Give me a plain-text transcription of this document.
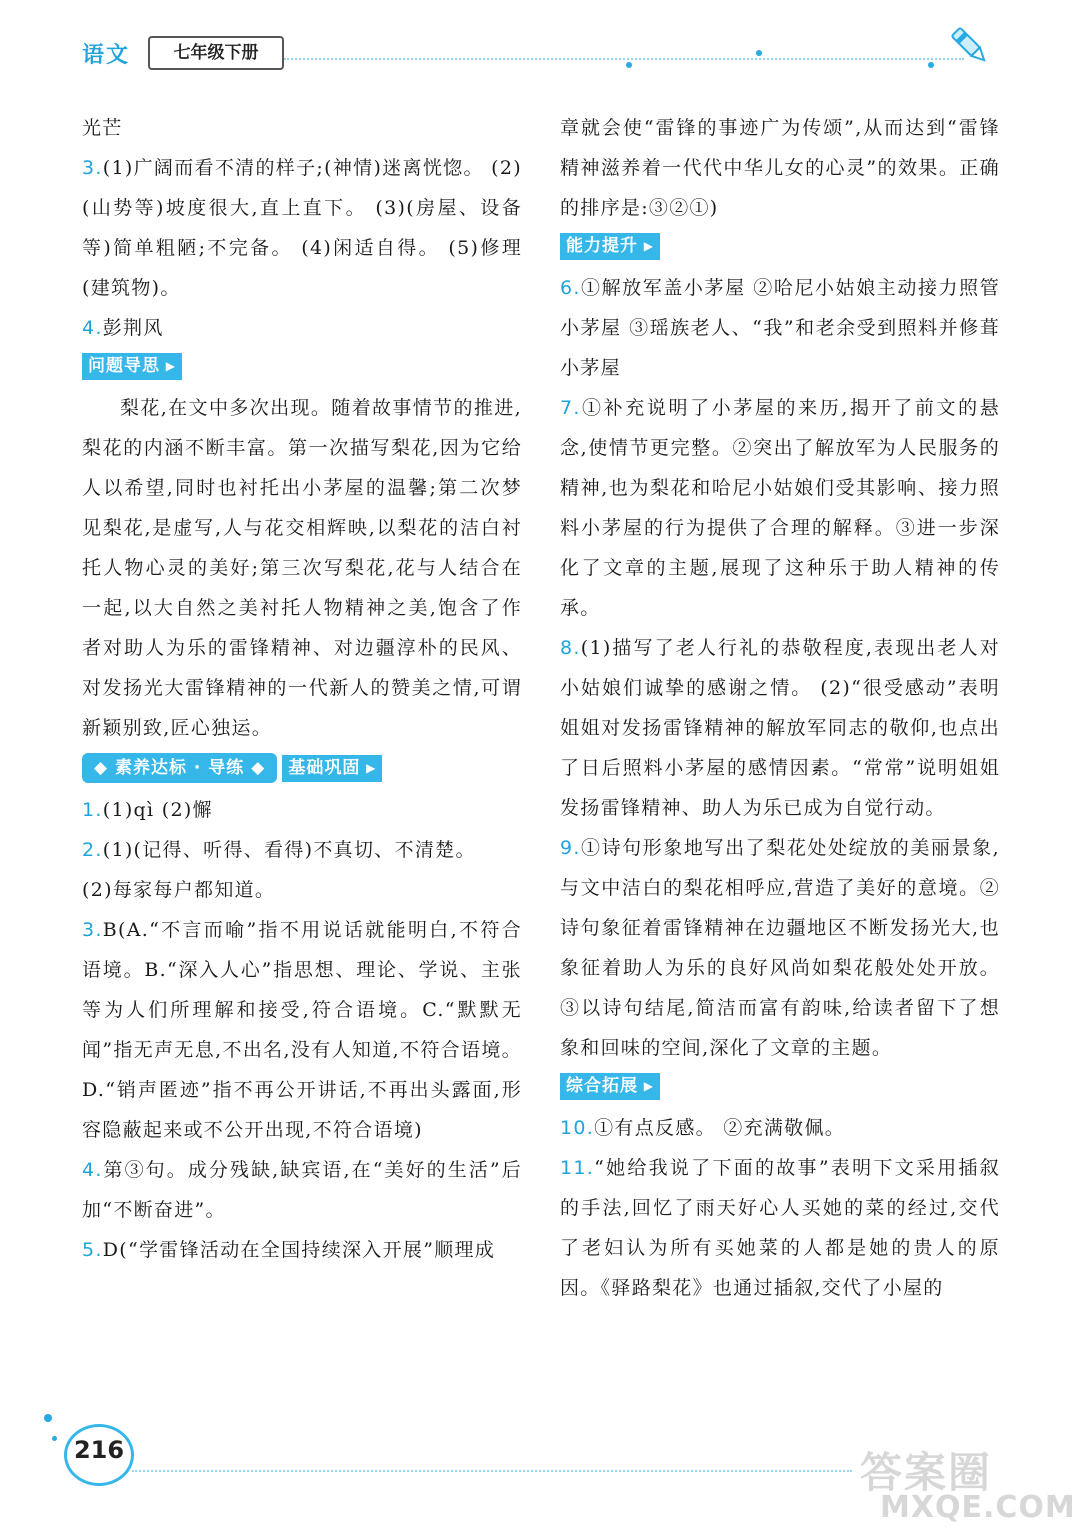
语文	七年级下册

光芒

3.(1)广阔而看不清的样子;(神情)迷离恍惚。 (2)(山势等)坡度很大,直上直下。 (3)(房屋、设备等)简单粗陋;不完备。 (4)闲适自得。 (5)修理(建筑物)。

4.彭荆风

问题导思 ▶

梨花,在文中多次出现。随着故事情节的推进,梨花的内涵不断丰富。第一次描写梨花,因为它给人以希望,同时也衬托出小茅屋的温馨;第二次梦见梨花,是虚写,人与花交相辉映,以梨花的洁白衬托人物心灵的美好;第三次写梨花,花与人结合在一起,以大自然之美衬托人物精神之美,饱含了作者对助人为乐的雷锋精神、对边疆淳朴的民风、对发扬光大雷锋精神的一代新人的赞美之情,可谓新颖别致,匠心独运。

◆ 素养达标 · 导练 ◆ 基础巩固 ▶

1.(1)qì (2)懈

2.(1)(记得、听得、看得)不真切、不清楚。

(2)每家每户都知道。

3.B(A.“不言而喻”指不用说话就能明白,不符合语境。B.“深入人心”指思想、理论、学说、主张等为人们所理解和接受,符合语境。C.“默默无闻”指无声无息,不出名,没有人知道,不符合语境。D.“销声匿迹”指不再公开讲话,不再出头露面,形容隐蔽起来或不公开出现,不符合语境)

4.第③句。成分残缺,缺宾语,在“美好的生活”后加“不断奋进”。

5.D(“学雷锋活动在全国持续深入开展”顺理成

章就会使“雷锋的事迹广为传颂”,从而达到“雷锋精神滋养着一代代中华儿女的心灵”的效果。正确的排序是:③②①)

能力提升 ▶

6.①解放军盖小茅屋 ②哈尼小姑娘主动接力照管小茅屋 ③瑶族老人、“我”和老余受到照料并修葺小茅屋

7.①补充说明了小茅屋的来历,揭开了前文的悬念,使情节更完整。②突出了解放军为人民服务的精神,也为梨花和哈尼小姑娘们受其影响、接力照料小茅屋的行为提供了合理的解释。③进一步深化了文章的主题,展现了这种乐于助人精神的传承。

8.(1)描写了老人行礼的恭敬程度,表现出老人对小姑娘们诚挚的感谢之情。 (2)“很受感动”表明姐姐对发扬雷锋精神的解放军同志的敬仰,也点出了日后照料小茅屋的感情因素。“常常”说明姐姐发扬雷锋精神、助人为乐已成为自觉行动。

9.①诗句形象地写出了梨花处处绽放的美丽景象,与文中洁白的梨花相呼应,营造了美好的意境。②诗句象征着雷锋精神在边疆地区不断发扬光大,也象征着助人为乐的良好风尚如梨花般处处开放。③以诗句结尾,简洁而富有韵味,给读者留下了想象和回味的空间,深化了文章的主题。

综合拓展 ▶

10.①有点反感。 ②充满敬佩。

11.“她给我说了下面的故事”表明下文采用插叙的手法,回忆了雨天好心人买她的菜的经过,交代了老妇认为所有买她菜的人都是她的贵人的原因。《驿路梨花》也通过插叙,交代了小屋的

216	答案圈
MXQE.COM
